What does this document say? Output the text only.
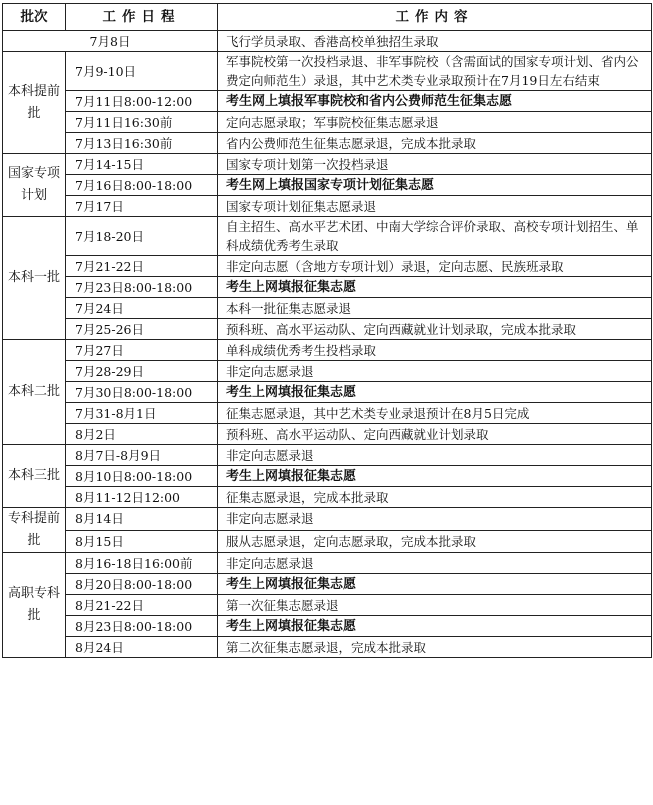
批次	工作日程	工作内容
7月8日		飞行学员录取、香港高校单独招生录取
本科提前批	7月9-10日	军事院校第一次投档录退、非军事院校（含需面试的国家专项计划、省内公费定向师范生）录退，其中艺术类专业录取预计在7月19日左右结束
	7月11日8:00-12:00	考生网上填报军事院校和省内公费师范生征集志愿
	7月11日16:30前	定向志愿录取；军事院校征集志愿录退
	7月13日16:30前	省内公费师范生征集志愿录退，完成本批录取
国家专项计划	7月14-15日	国家专项计划第一次投档录退
	7月16日8:00-18:00	考生网上填报国家专项计划征集志愿
	7月17日	国家专项计划征集志愿录退
本科一批	7月18-20日	自主招生、高水平艺术团、中南大学综合评价录取、高校专项计划招生、单科成绩优秀考生录取
	7月21-22日	非定向志愿（含地方专项计划）录退，定向志愿、民族班录取
	7月23日8:00-18:00	考生上网填报征集志愿
	7月24日	本科一批征集志愿录退
	7月25-26日	预科班、高水平运动队、定向西藏就业计划录取，完成本批录取
本科二批	7月27日	单科成绩优秀考生投档录取
	7月28-29日	非定向志愿录退
	7月30日8:00-18:00	考生上网填报征集志愿
	7月31-8月1日	征集志愿录退，其中艺术类专业录退预计在8月5日完成
	8月2日	预科班、高水平运动队、定向西藏就业计划录取
本科三批	8月7日-8月9日	非定向志愿录退
	8月10日8:00-18:00	考生上网填报征集志愿
	8月11-12日12:00	征集志愿录退，完成本批录取
专科提前批	8月14日	非定向志愿录退
	8月15日	服从志愿录退，定向志愿录取，完成本批录取
高职专科批	8月16-18日16:00前	非定向志愿录退
	8月20日8:00-18:00	考生上网填报征集志愿
	8月21-22日	第一次征集志愿录退
	8月23日8:00-18:00	考生上网填报征集志愿
	8月24日	第二次征集志愿录退，完成本批录取
